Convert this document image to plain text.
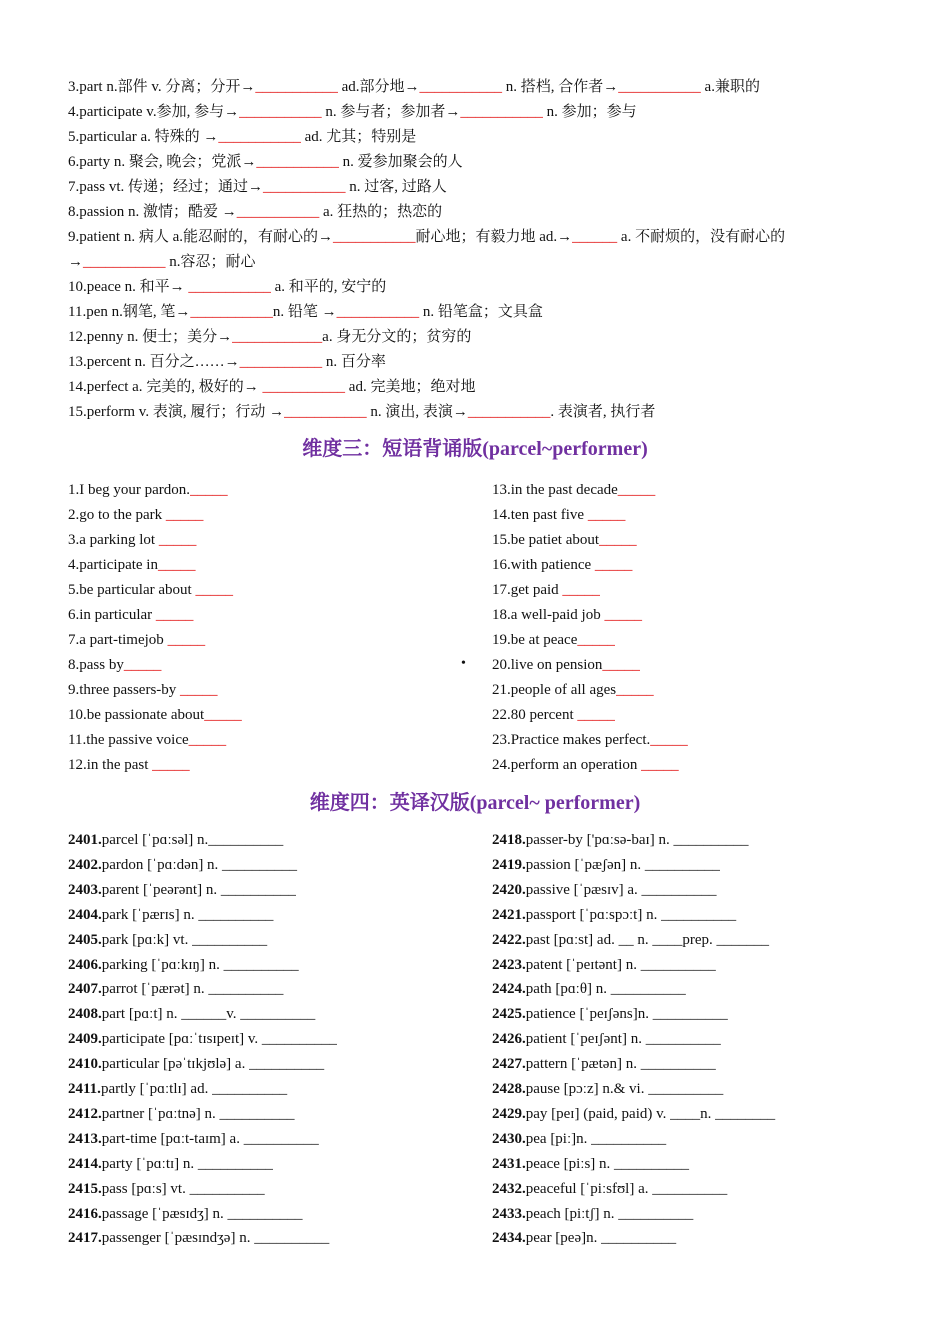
3.part n.部件 v. 分离；分开→___________ ad.部分地→___________ n. 搭档, 合作者→___________ a.兼职的
4.participate v.参加, 参与→___________ n. 参与者；参加者→___________ n. 参加；参与
5.particular a. 特殊的 →___________ ad. 尤其；特别是
6.party n. 聚会, 晚会；党派→___________ n. 爱参加聚会的人
7.pass vt. 传递；经过；通过→___________ n. 过客, 过路人
8.passion n. 激情；酷爱 →___________ a. 狂热的；热恋的
9.patient n. 病人 a.能忍耐的，有耐心的→___________耐心地；有毅力地 ad.→______ a. 不耐烦的，没有耐心的
→___________ n.容忍；耐心
10.peace n. 和平→ ___________ a. 和平的, 安宁的
11.pen n.钢笔, 笔→___________n. 铅笔 →___________ n. 铅笔盒；文具盒
12.penny n. 便士；美分→____________a. 身无分文的；贫穷的
13.percent n. 百分之……→___________ n. 百分率
14.perfect a. 完美的, 极好的→ ___________ ad. 完美地；绝对地
15.perform v. 表演, 履行；行动 →___________ n. 演出, 表演→___________. 表演者, 执行者
维度三：短语背诵版(parcel~performer)
1.I beg your pardon._____
2.go to the park _____
3.a parking lot _____
4.participate in_____
5.be particular about _____
6.in particular _____
7.a part-timejob _____
8.pass by_____
9.three passers-by _____
10.be passionate about_____
11.the passive voice_____
12.in the past _____
13.in the past decade_____
14.ten past five _____
15.be patiet about_____
16.with patience _____
17.get paid _____
18.a well-paid job _____
19.be at peace_____
20.live on pension_____
21.people of all ages_____
22.80 percent _____
23.Practice makes perfect._____
24.perform an operation _____
•
维度四：英译汉版(parcel~ performer)
2401.parcel [ˈpɑːsəl] n.__________
2402.pardon [ˈpɑːdən] n. __________
2403.parent [ˈpeərənt] n. __________
2404.park [ˈpærɪs] n. __________
2405.park [pɑːk] vt. __________
2406.parking [ˈpɑːkɪŋ] n. __________
2407.parrot [ˈpærət] n. __________
2408.part [pɑːt] n. ______v. __________
2409.participate [pɑːˈtɪsɪpeɪt] v. __________
2410.particular [pəˈtɪkjʊlə] a. __________
2411.partly [ˈpɑːtlɪ] ad. __________
2412.partner [ˈpɑːtnə] n. __________
2413.part-time [pɑːt-taɪm] a. __________
2414.party [ˈpɑːtɪ] n. __________
2415.pass [pɑːs] vt. __________
2416.passage [ˈpæsɪdʒ] n. __________
2417.passenger [ˈpæsɪndʒə] n. __________
2418.passer-by ['pɑːsə-baɪ] n. __________
2419.passion [ˈpæʃən] n. __________
2420.passive [ˈpæsɪv] a. __________
2421.passport [ˈpɑːspɔːt] n. __________
2422.past [pɑːst] ad. __ n. ____prep. _______
2423.patent [ˈpeɪtənt] n. __________
2424.path [pɑːθ] n. __________
2425.patience [ˈpeɪʃəns]n. __________
2426.patient [ˈpeɪʃənt] n. __________
2427.pattern [ˈpætən] n. __________
2428.pause [pɔːz] n.& vi. __________
2429.pay [peɪ] (paid, paid) v. ____n. ________
2430.pea [piː]n. __________
2431.peace [piːs] n. __________
2432.peaceful [ˈpiːsfʊl] a. __________
2433.peach [piːtʃ] n. __________
2434.pear [peə]n. __________
